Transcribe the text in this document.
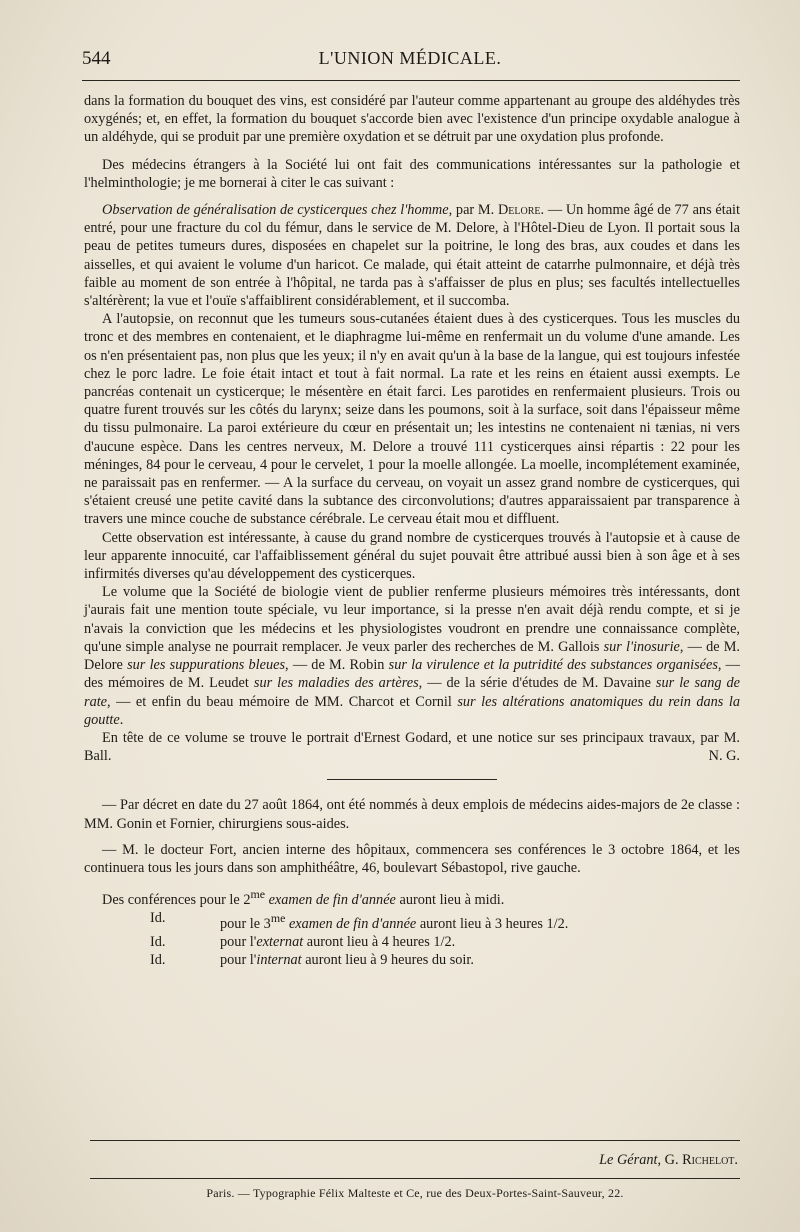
544	L'UNION MÉDICALE.

dans la formation du bouquet des vins, est considéré par l'auteur comme appartenant au groupe des aldéhydes très oxygénés; et, en effet, la formation du bouquet s'accorde bien avec l'existence d'un principe oxydable analogue à un aldéhyde, qui se produit par une première oxydation et se détruit par une oxydation plus profonde.

Des médecins étrangers à la Société lui ont fait des communications intéressantes sur la pathologie et l'helminthologie; je me bornerai à citer le cas suivant :

Observation de généralisation de cysticerques chez l'homme, par M. Delore. — Un homme âgé de 77 ans était entré, pour une fracture du col du fémur, dans le service de M. Delore, à l'Hôtel-Dieu de Lyon. Il portait sous la peau de petites tumeurs dures, disposées en chapelet sur la poitrine, le long des bras, aux coudes et dans les aisselles, et qui avaient le volume d'un haricot. Ce malade, qui était atteint de catarrhe pulmonnaire, et déjà très faible au moment de son entrée à l'hôpital, ne tarda pas à s'affaisser de plus en plus; ses facultés intellectuelles s'altérèrent; la vue et l'ouïe s'affaiblirent considérablement, et il succomba.

A l'autopsie, on reconnut que les tumeurs sous-cutanées étaient dues à des cysticerques. Tous les muscles du tronc et des membres en contenaient, et le diaphragme lui-même en renfermait un du volume d'une amande. Les os n'en présentaient pas, non plus que les yeux; il n'y en avait qu'un à la base de la langue, qui est toujours infestée chez le porc ladre. Le foie était intact et tout à fait normal. La rate et les reins en étaient aussi exempts. Le pancréas contenait un cysticerque; le mésentère en était farci. Les parotides en renfermaient plusieurs. Trois ou quatre furent trouvés sur les côtés du larynx; seize dans les poumons, soit à la surface, soit dans l'épaisseur même du tissu pulmonaire. La paroi extérieure du cœur en présentait un; les intestins ne contenaient ni tænias, ni vers d'aucune espèce. Dans les centres nerveux, M. Delore a trouvé 111 cysticerques ainsi répartis : 22 pour les méninges, 84 pour le cerveau, 4 pour le cervelet, 1 pour la moelle allongée. La moelle, incomplétement examinée, ne paraissait pas en renfermer. — A la surface du cerveau, on voyait un assez grand nombre de cysticerques, qui s'étaient creusé une petite cavité dans la subtance des circonvolutions; d'autres apparaissaient par transparence à travers une mince couche de substance cérébrale. Le cerveau était mou et diffluent.

Cette observation est intéressante, à cause du grand nombre de cysticerques trouvés à l'autopsie et à cause de leur apparente innocuité, car l'affaiblissement général du sujet pouvait être attribué aussi bien à son âge et à ses infirmités diverses qu'au développement des cysticerques.

Le volume que la Société de biologie vient de publier renferme plusieurs mémoires très intéressants, dont j'aurais fait une mention toute spéciale, vu leur importance, si la presse n'en avait déjà rendu compte, et si je n'avais la conviction que les médecins et les physiologistes voudront en prendre une connaissance complète, qu'une simple analyse ne pourrait remplacer. Je veux parler des recherches de M. Gallois sur l'inosurie, — de M. Delore sur les suppurations bleues, — de M. Robin sur la virulence et la putridité des substances organisées, — des mémoires de M. Leudet sur les maladies des artères, — de la série d'études de M. Davaine sur le sang de rate, — et enfin du beau mémoire de MM. Charcot et Cornil sur les altérations anatomiques du rein dans la goutte.

En tête de ce volume se trouve le portrait d'Ernest Godard, et une notice sur ses principaux travaux, par M. Ball.	N. G.

— Par décret en date du 27 août 1864, ont été nommés à deux emplois de médecins aides-majors de 2e classe : MM. Gonin et Fornier, chirurgiens sous-aides.

— M. le docteur Fort, ancien interne des hôpitaux, commencera ses conférences le 3 octobre 1864, et les continuera tous les jours dans son amphithéâtre, 46, boulevart Sébastopol, rive gauche.

Des conférences pour le $2^{me}$ examen de fin d'année auront lieu à midi.

Id.	pour le $3^{me}$ examen de fin d'année auront lieu à 3 heures 1/2.
Id.	pour l'externat auront lieu à 4 heures 1/2.
Id.	pour l'internat auront lieu à 9 heures du soir.
Le Gérant, G. Richelot.
Paris. — Typographie Félix Malteste et Ce, rue des Deux-Portes-Saint-Sauveur, 22.
